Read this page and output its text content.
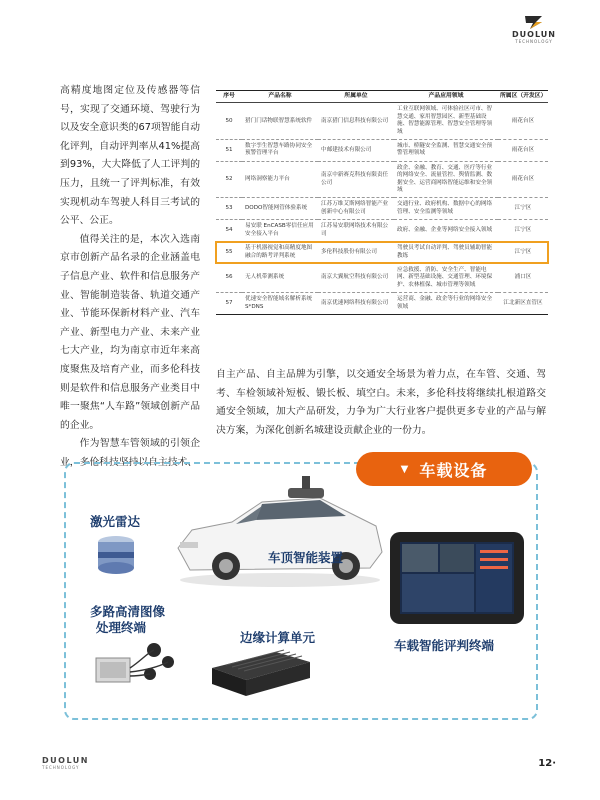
DUOLUN
TECHNOLOGY

高精度地图定位及传感器等信号，实现了交通环境、驾驶行为以及安全意识类的67项智能自动化评判，自动评判率从41%提高到93%，大大降低了人工评判的压力，且统一了评判标准，有效实现机动车驾驶人科目三考试的公平、公正。

值得关注的是，本次入选南京市创新产品名录的企业涵盖电子信息产业、软件和信息服务产业、智能制造装备、轨道交通产业、节能环保新材料产业、汽车产业、新型电力产业、未来产业七大产业，均为南京市近年来高度聚焦及培育产业，而多伦科技则是软件和信息服务产业类目中唯一聚焦“人车路”领域创新产品的企业。

作为智慧车管领域的引领企业，多伦科技坚持以自主技术、

序号	产品名称	所属单位	产品应用领域	所属区（开发区）
50	猎门门话物联智慧系统软件	南京猎门信息科技有限公司	工业互联网领域、可体验社区可市、智慧交通、家用智慧园区、新型基础设施、智慧能源管理、智慧安全管理等领域	雨花台区
51	数字孪生智慧车路协同安全预警管理平台	中邮建技术有限公司	城市、桥隧安全监测、智慧交通安全预警管理领域	雨花台区
52	网络洞察能力平台	南京中新赛克科技有限责任公司	政企、金融、教育、交通、医疗等行业的网络安全、流量管控、舆情监测、数据安全、运营商网络智能运维和安全领域	雨花台区
53	DODO智能网管体验系统	江苏万维艾斯网络智能产业创新中心有限公司	交通行业、政府机构、数据中心的网络管理、安全监测等领域	江宁区
54	易安联 EnCASB零信任应用安全接入平台	江苏易安联网络技术有限公司	政府、金融、企业等网络安全接入领域	江宁区
55	基于机器视觉和高精度地图融合的路考评判系统	多伦科技股份有限公司	驾驶员考试自动评判、驾驶员辅助智能教练	江宁区
56	无人机带测系统	南京大翼航空科技有限公司	应急救援、消防、安全生产、智能电网、新型基础设施、交通管理、环境保护、农林植保、城市管理等领域	浦口区
57	优速安全智能域名解析系统 S*DNS	南京优速网络科技有限公司	运营商、金融、政企等行业的网络安全领域	江北新区直管区

自主产品、自主品牌为引擎，以交通安全场景为着力点，在车管、交通、驾考、车检领域补短板、锻长板、填空白。未来，多伦科技将继续扎根道路交通安全领域，加大产品研发，力争为广大行业客户提供更多专业的产品与解决方案，为深化创新名城建设贡献企业的一份力。

▼ 车载设备
激光雷达
车顶智能装置
多路高清图像
处理终端
边缘计算单元
车载智能评判终端
DUOLUN
TECHNOLOGY	12·
